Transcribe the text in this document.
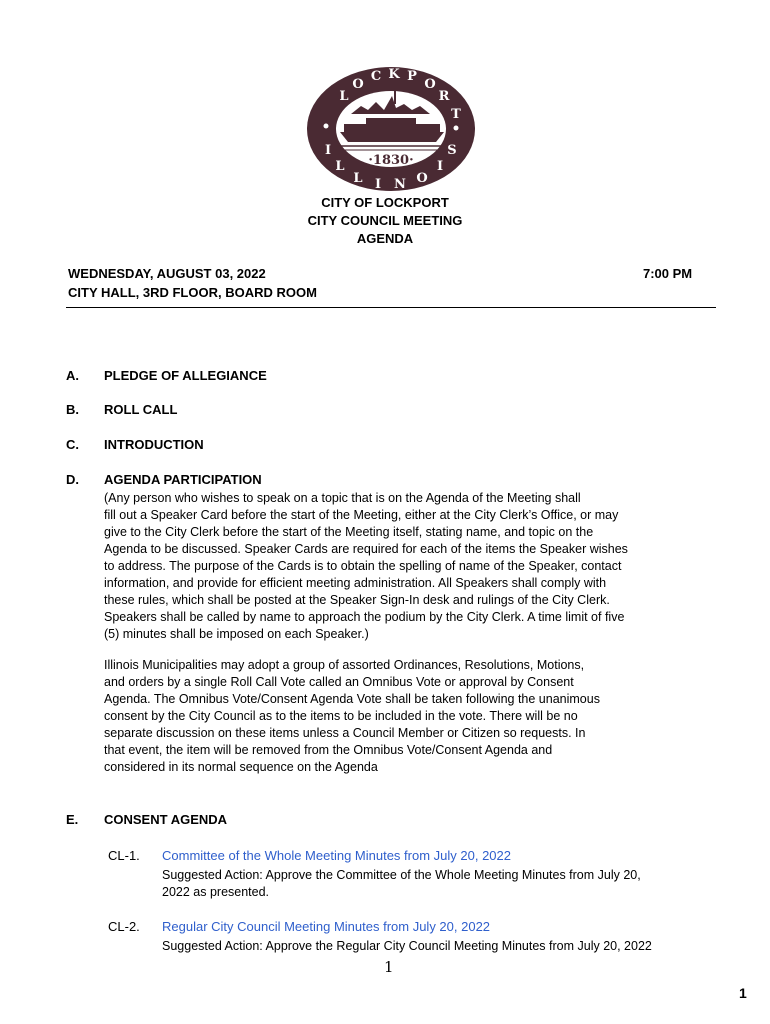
L
O
C K P
O
R
T
I
L
L I N O
I
S
·1830·
CITY OF LOCKPORT
CITY COUNCIL MEETING
AGENDA
WEDNESDAY, AUGUST 03, 2022
CITY HALL, 3RD FLOOR, BOARD ROOM
7:00 PM
A. PLEDGE OF ALLEGIANCE
B. ROLL CALL
C. INTRODUCTION
D. AGENDA PARTICIPATION
(Any person who wishes to speak on a topic that is on the Agenda of the Meeting shall
fill out a Speaker Card before the start of the Meeting, either at the City Clerk’s Office, or may
give to the City Clerk before the start of the Meeting itself, stating name, and topic on the
Agenda to be discussed. Speaker Cards are required for each of the items the Speaker wishes
to address. The purpose of the Cards is to obtain the spelling of name of the Speaker, contact
information, and provide for efficient meeting administration. All Speakers shall comply with
these rules, which shall be posted at the Speaker Sign-In desk and rulings of the City Clerk.
Speakers shall be called by name to approach the podium by the City Clerk. A time limit of five
(5) minutes shall be imposed on each Speaker.)
Illinois Municipalities may adopt a group of assorted Ordinances, Resolutions, Motions,
and orders by a single Roll Call Vote called an Omnibus Vote or approval by Consent
Agenda. The Omnibus Vote/Consent Agenda Vote shall be taken following the unanimous
consent by the City Council as to the items to be included in the vote. There will be no
separate discussion on these items unless a Council Member or Citizen so requests. In
that event, the item will be removed from the Omnibus Vote/Consent Agenda and
considered in its normal sequence on the Agenda
E. CONSENT AGENDA
CL-1. Committee of the Whole Meeting Minutes from July 20, 2022
Suggested Action: Approve the Committee of the Whole Meeting Minutes from July 20,
2022 as presented.
CL-2. Regular City Council Meeting Minutes from July 20, 2022
Suggested Action: Approve the Regular City Council Meeting Minutes from July 20, 2022
1
1
